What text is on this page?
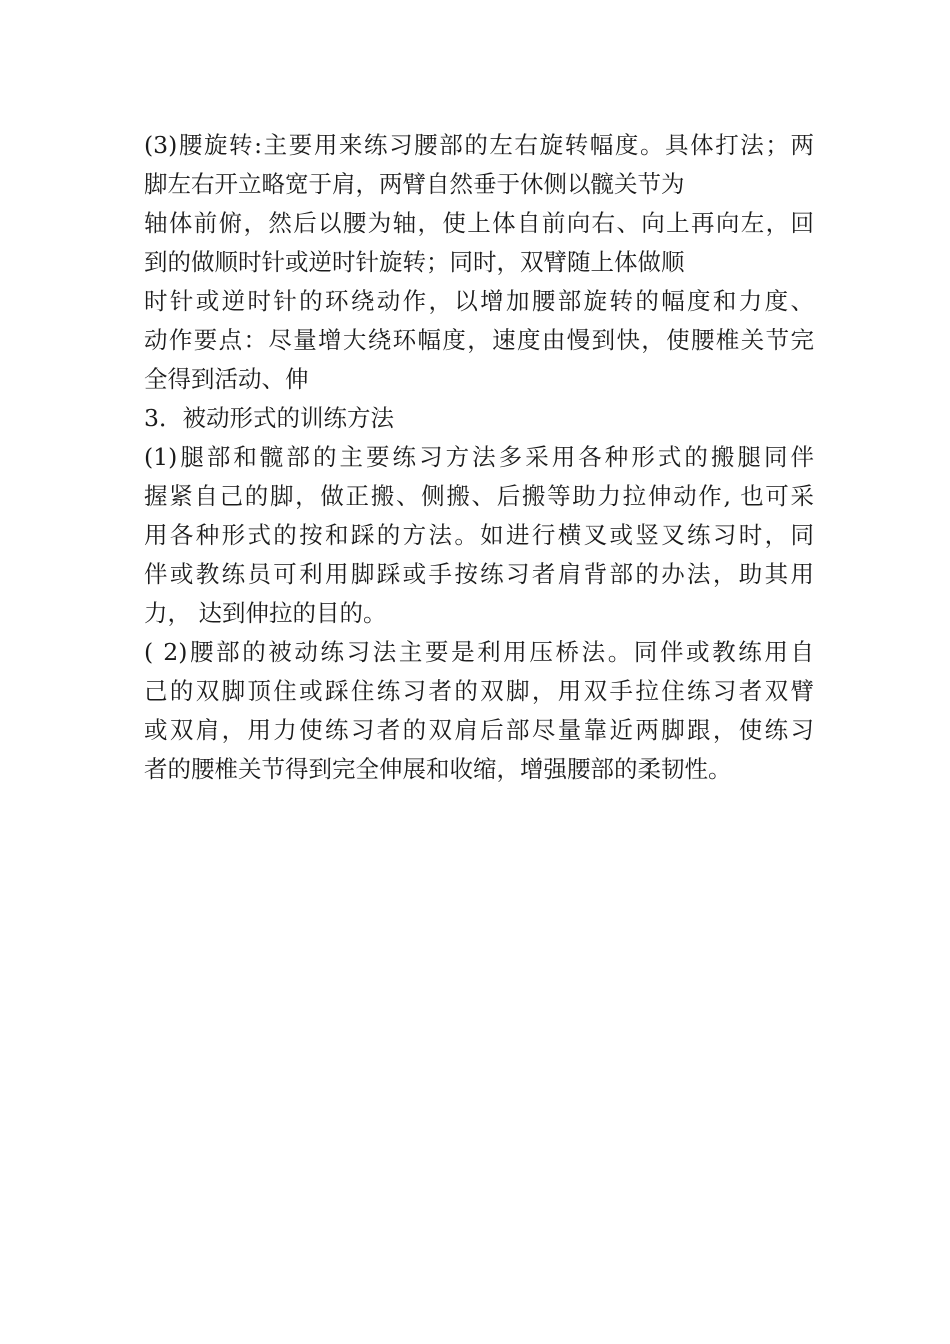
(3)腰旋转:主要用来练习腰部的左右旋转幅度。具体打法；两
脚左右开立略宽于肩，两臂自然垂于休侧以髋关节为
轴体前俯，然后以腰为轴，使上体自前向右、向上再向左，回
到的做顺时针或逆时针旋转；同时，双臂随上体做顺
时针或逆时针的环绕动作，以增加腰部旋转的幅度和力度、
动作要点：尽量增大绕环幅度，速度由慢到快，使腰椎关节完
全得到活动、伸
3．被动形式的训练方法
(1)腿部和髋部的主要练习方法多采用各种形式的搬腿同伴
握紧自己的脚，做正搬、侧搬、后搬等助力拉伸动作, 也可采
用各种形式的按和踩的方法。如进行横叉或竖叉练习时，同
伴或教练员可利用脚踩或手按练习者肩背部的办法，助其用
力， 达到伸拉的目的。
( 2)腰部的被动练习法主要是利用压桥法。同伴或教练用自
己的双脚顶住或踩住练习者的双脚，用双手拉住练习者双臂
或双肩，用力使练习者的双肩后部尽量靠近两脚跟，使练习
者的腰椎关节得到完全伸展和收缩，增强腰部的柔韧性。
